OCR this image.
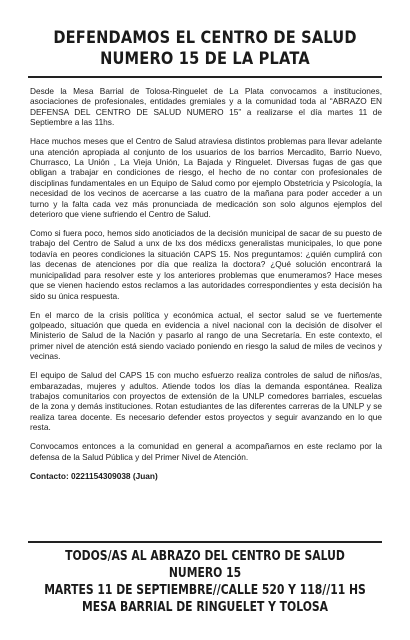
DEFENDAMOS EL CENTRO DE SALUD
NUMERO 15 DE LA PLATA

Desde la Mesa Barrial de Tolosa-Ringuelet de La Plata convocamos a instituciones, asociaciones de profesionales, entidades gremiales y a la comunidad toda al “ABRAZO EN DEFENSA DEL CENTRO DE SALUD NUMERO 15” a realizarse el día martes 11 de Septiembre a las 11hs.

Hace muchos meses que el Centro de Salud atraviesa distintos problemas para llevar adelante una atención apropiada al conjunto de los usuarios de los barrios Mercadito, Barrio Nuevo, Churrasco, La Unión , La Vieja Unión, La Bajada y Ringuelet. Diversas fugas de gas que obligan a trabajar en condiciones de riesgo, el hecho de no contar con profesionales de disciplinas fundamentales en un Equipo de Salud como por ejemplo Obstetricia y Psicología, la necesidad de los vecinos de acercarse a las cuatro de la mañana para poder acceder a un turno y la falta cada vez más pronunciada de medicación son solo algunos ejemplos del deterioro que viene sufriendo el Centro de Salud.

Como si fuera poco, hemos sido anoticiados de la decisión municipal de sacar de su puesto de trabajo del Centro de Salud a unx de lxs dos médicxs generalistas municipales, lo que pone todavía en peores condiciones la situación CAPS 15. Nos preguntamos: ¿quién cumplirá con las decenas de atenciones por día que realiza la doctora? ¿Qué solución encontrará la municipalidad para resolver este y los anteriores problemas que enumeramos? Hace meses que se vienen haciendo estos reclamos a las autoridades correspondientes y esta decisión ha sido su única respuesta.

En el marco de la crisis política y económica actual, el sector salud se ve fuertemente golpeado, situación que queda en evidencia a nivel nacional con la decisión de disolver el Ministerio de Salud de la Nación y pasarlo al rango de una Secretaría. En este contexto, el primer nivel de atención está siendo vaciado poniendo en riesgo la salud de miles de vecinos y vecinas.

El equipo de Salud del CAPS 15 con mucho esfuerzo realiza controles de salud de niños/as, embarazadas, mujeres y adultos. Atiende todos los días la demanda espontánea. Realiza trabajos comunitarios con proyectos de extensión de la UNLP comedores barriales, escuelas de la zona y demás instituciones. Rotan estudiantes de las diferentes carreras de la UNLP y se realiza tarea docente. Es necesario defender estos proyectos y seguir avanzando en lo que resta.

Convocamos entonces a la comunidad en general a acompañarnos en este reclamo por la defensa de la Salud Pública y del Primer Nivel de Atención.

Contacto: 0221154309038 (Juan)

TODOS/AS AL ABRAZO DEL CENTRO DE SALUD NUMERO 15
MARTES 11 DE SEPTIEMBRE//CALLE 520 Y 118//11 HS
MESA BARRIAL DE RINGUELET Y TOLOSA
